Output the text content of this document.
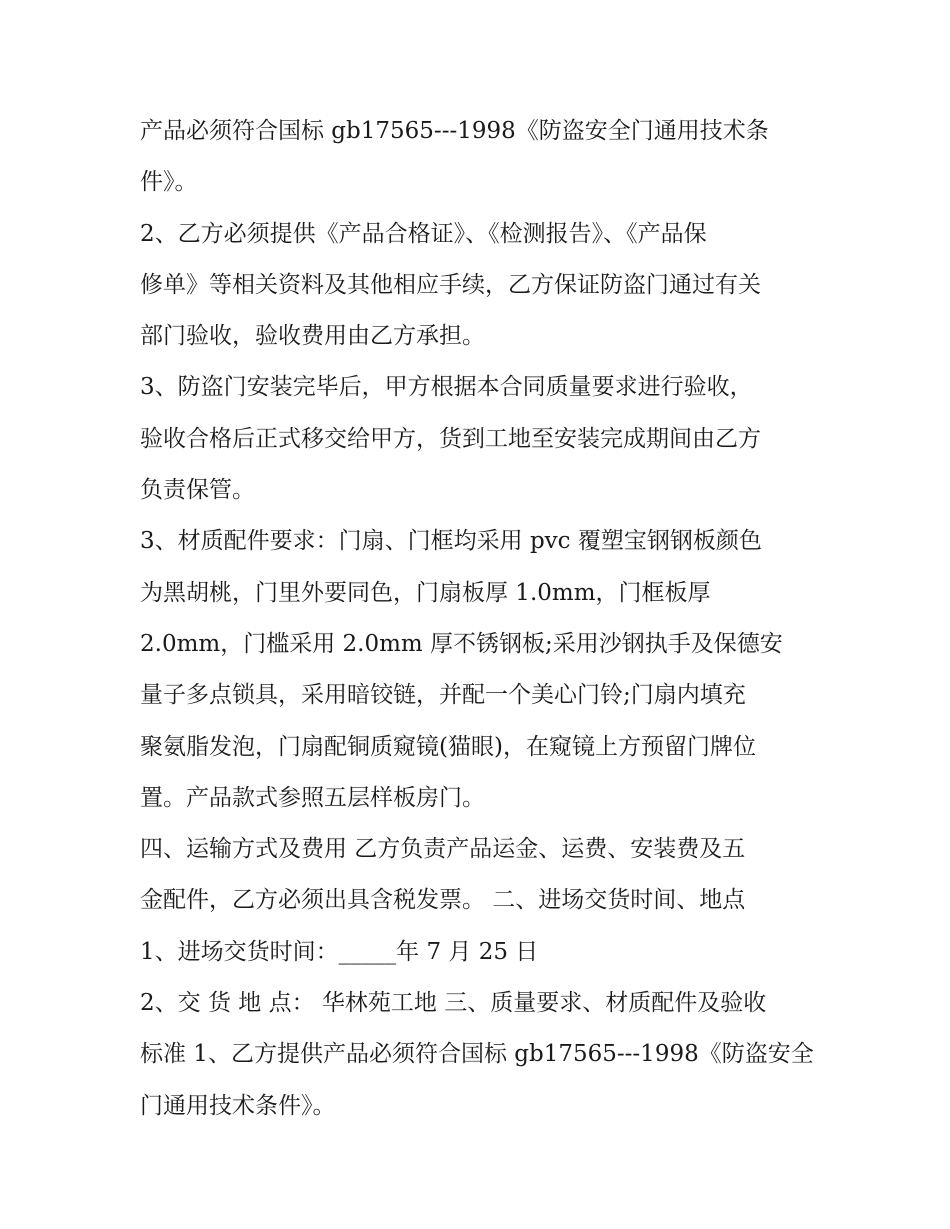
产品必须符合国标 gb17565---1998《防盗安全门通用技术条
件》。
2、乙方必须提供《产品合格证》、《检测报告》、《产品保
修单》等相关资料及其他相应手续，乙方保证防盗门通过有关
部门验收，验收费用由乙方承担。
3、防盗门安装完毕后，甲方根据本合同质量要求进行验收，
验收合格后正式移交给甲方，货到工地至安装完成期间由乙方
负责保管。
3、材质配件要求：门扇、门框均采用 pvc 覆塑宝钢钢板颜色
为黑胡桃，门里外要同色，门扇板厚 1.0mm，门框板厚
2.0mm，门槛采用 2.0mm 厚不锈钢板;采用沙钢执手及保德安
量子多点锁具，采用暗铰链，并配一个美心门铃;门扇内填充
聚氨脂发泡，门扇配铜质窥镜(猫眼)，在窥镜上方预留门牌位
置。产品款式参照五层样板房门。
四、运输方式及费用 乙方负责产品运金、运费、安装费及五
金配件，乙方必须出具含税发票。 二、进场交货时间、地点
1、进场交货时间：_____年 7 月 25 日
2、交 货 地 点： 华林苑工地 三、质量要求、材质配件及验收
标准 1、乙方提供产品必须符合国标 gb17565---1998《防盗安全
门通用技术条件》。
